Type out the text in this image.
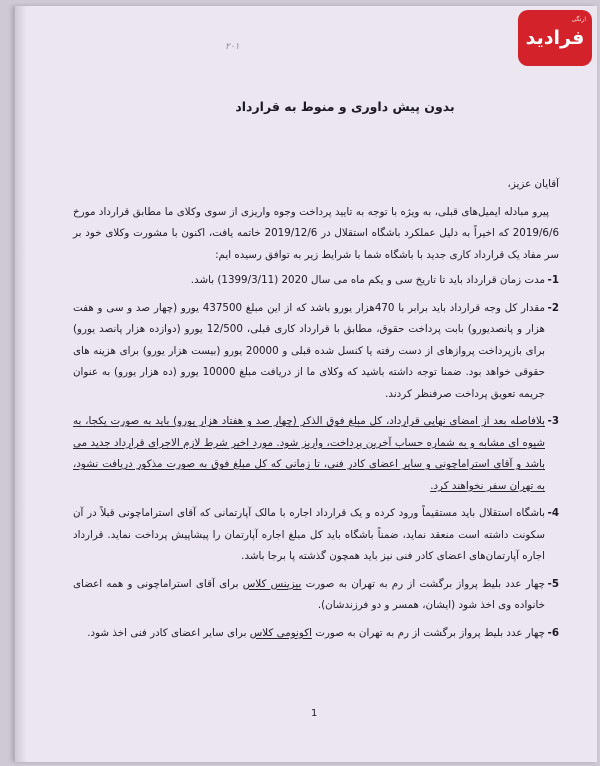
۲۰۱
بدون پیش داوری و منوط به قرارداد

آقایان عزیز،

پیرو مبادله ایمیل‌های قبلی، به ویژه با توجه به تایید پرداخت وجوه واریزی از سوی وکلای ما مطابق قرارداد مورخ 2019/6/6 که اخیراً به دلیل عملکرد باشگاه استقلال در 2019/12/6 خاتمه یافت، اکنون با مشورت وکلای خود بر سر مفاد یک قرارداد کاری جدید با باشگاه شما با شرایط زیر به توافق رسیده ایم:

1 -
مدت زمان قرارداد باید تا تاریخ سی و یکم ماه می سال 2020 (1399/3/11) باشد.

2 -
مقدار کل وجه قرارداد باید برابر با 470هزار یورو باشد که از این مبلغ 437500 یورو (چهار صد و سی و هفت هزار و پانصدیورو) بابت پرداخت حقوق، مطابق با قرارداد کاری قبلی، 12/500 یورو (دوازده هزار پانصد یورو) برای بازپرداخت پروازهای از دست رفته یا کنسل شده قبلی و 20000 یورو (بیست هزار یورو) برای هزینه های حقوقی خواهد بود. ضمنا توجه داشته باشید که وکلای ما از دریافت مبلغ 10000 یورو (ده هزار یورو) به عنوان جریمه تعویق پرداخت صرفنظر کردند.

3 -
بلافاصله بعد از امضای نهایی قرارداد، کل مبلغ فوق الذکر (چهار صد و هفتاد هزار یورو) باید به صورت یکجا، به شیوه ای مشابه و به شماره حساب آخرین پرداخت، واریز شود. مورد اخیر شرط لازم الاجرای قرارداد جدید می باشد و آقای استراماچونی و سایر اعضای کادر فنی، تا زمانی که کل مبلغ فوق به صورت مذکور دریافت نشود، به تهران سفر نخواهند کرد.

4 -
باشگاه استقلال باید مستقیماً ورود کرده و یک قرارداد اجاره با مالک آپارتمانی که آقای استراماچونی قبلاً در آن سکونت داشته است منعقد نماید، ضمناً باشگاه باید کل مبلغ اجاره آپارتمان را پیشاپیش پرداخت نماید. قرارداد اجاره آپارتمان‌های اعضای کادر فنی نیز باید همچون گذشته پا برجا باشد.

5 -
چهار عدد بلیط پرواز برگشت از رم به تهران به صورت بیزینس کلاس برای آقای استراماچونی و همه اعضای خانواده وی اخذ شود (ایشان، همسر و دو فرزندشان).

6 -
چهار عدد بلیط پرواز برگشت از رم به تهران به صورت اکونومی کلاس برای سایر اعضای کادر فنی اخذ شود.

1
ارنگی
فرادید
